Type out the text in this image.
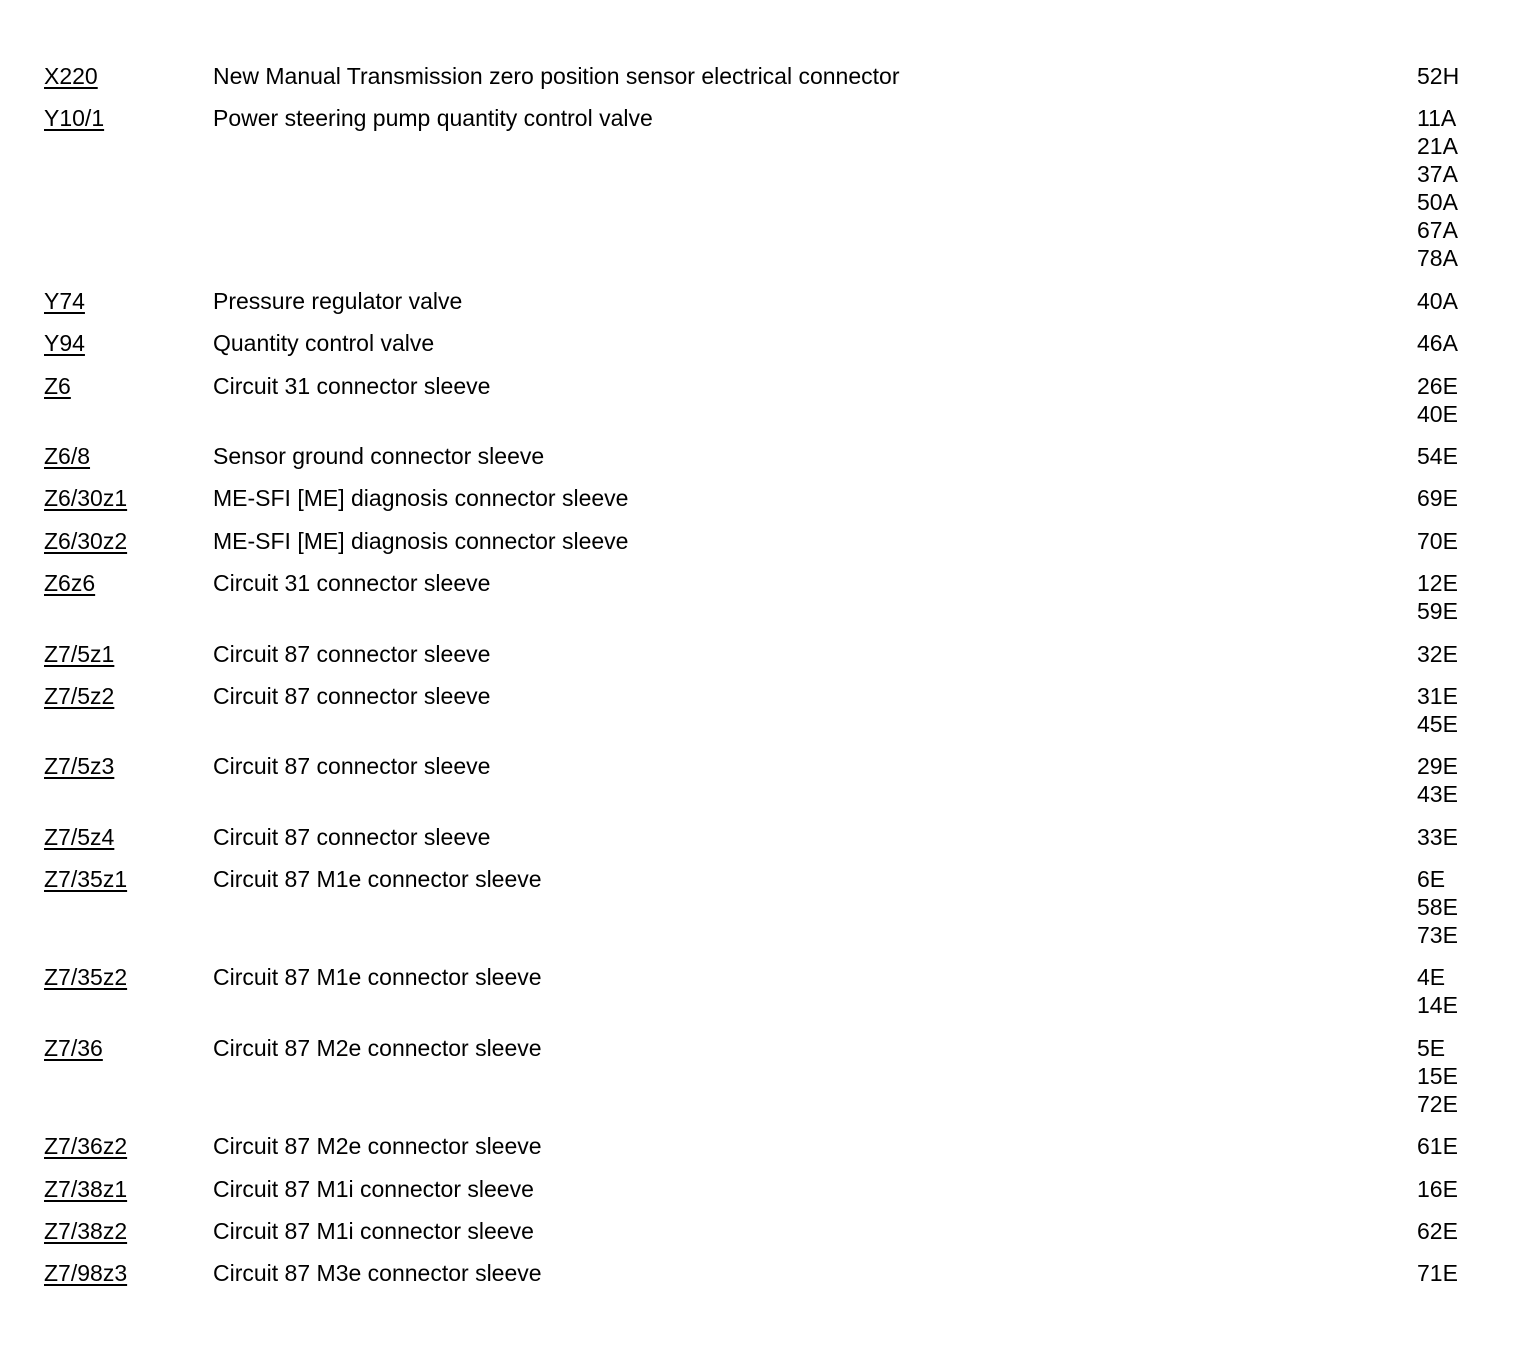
X220	New Manual Transmission zero position sensor electrical connector	52H
Y10/1	Power steering pump quantity control valve	11A
21A
37A
50A
67A
78A
Y74	Pressure regulator valve	40A
Y94	Quantity control valve	46A
Z6	Circuit 31 connector sleeve	26E
40E
Z6/8	Sensor ground connector sleeve	54E
Z6/30z1	ME-SFI [ME] diagnosis connector sleeve	69E
Z6/30z2	ME-SFI [ME] diagnosis connector sleeve	70E
Z6z6	Circuit 31 connector sleeve	12E
59E
Z7/5z1	Circuit 87 connector sleeve	32E
Z7/5z2	Circuit 87 connector sleeve	31E
45E
Z7/5z3	Circuit 87 connector sleeve	29E
43E
Z7/5z4	Circuit 87 connector sleeve	33E
Z7/35z1	Circuit 87 M1e connector sleeve	6E
58E
73E
Z7/35z2	Circuit 87 M1e connector sleeve	4E
14E
Z7/36	Circuit 87 M2e connector sleeve	5E
15E
72E
Z7/36z2	Circuit 87 M2e connector sleeve	61E
Z7/38z1	Circuit 87 M1i connector sleeve	16E
Z7/38z2	Circuit 87 M1i connector sleeve	62E
Z7/98z3	Circuit 87 M3e connector sleeve	71E
